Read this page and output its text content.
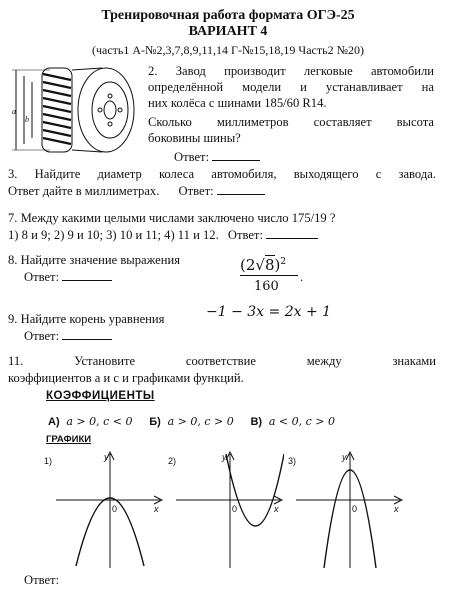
Тренировочная работа формата ОГЭ-25
ВАРИАНТ 4
(часть1 А-№2,3,7,8,9,11,14 Г-№15,18,19 Часть2 №20)
a
b
2. Завод производит легковые автомобили
определённой модели и устанавливает на
них колёса с шинами 185/60 R14.
Сколько миллиметров составляет высота
боковины шины?
Ответ:
3. Найдите диаметр колеса автомобиля, выходящего с завода.
Ответ дайте в миллиметрах. Ответ:
7. Между какими целыми числами заключено число 175/19 ?
1) 8 и 9; 2) 9 и 10; 3) 10 и 11; 4) 11 и 12. Ответ:
8. Найдите значение выражения
Ответ:
$(2√8)^2$
160
.
9. Найдите корень уравнения	−1 − 3x = 2x + 1
Ответ:
11. Установите соответствие между знаками
коэффициентов a и c и графиками функций.
КОЭФФИЦИЕНТЫ
А) a > 0, c < 0 Б) a > 0, c > 0 В) a < 0, c > 0
ГРАФИКИ
1)	y
x
0
2)	y
x
0
3)	y
x
0
Ответ:
